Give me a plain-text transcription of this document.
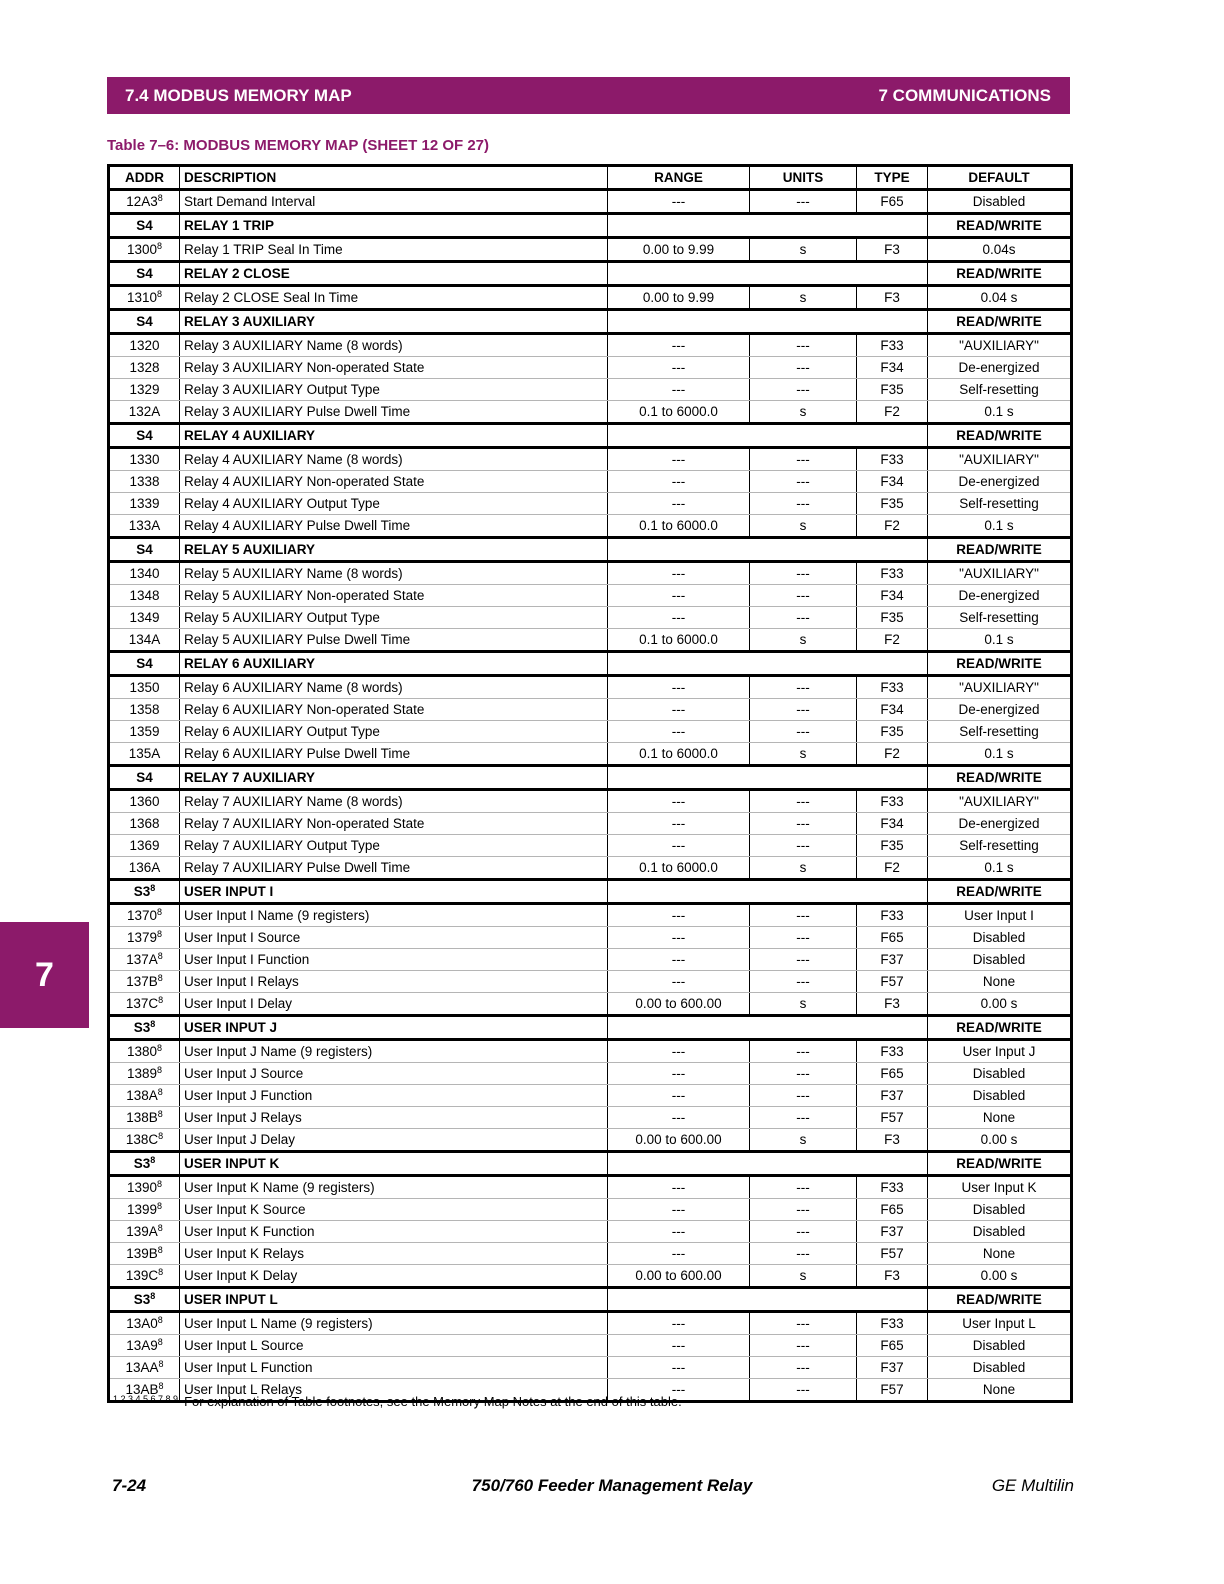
7.4 MODBUS MEMORY MAP	7 COMMUNICATIONS
Table 7–6: MODBUS MEMORY MAP (SHEET 12 OF 27)
ADDR	DESCRIPTION	RANGE	UNITS	TYPE	DEFAULT
$12A3^8$	Start Demand Interval	---	---	F65	Disabled
S4	RELAY 1 TRIP				READ/WRITE
1300$^8$	Relay 1 TRIP Seal In Time	0.00 to 9.99	s	F3	0.04s
S4	RELAY 2 CLOSE				READ/WRITE
1310$^8$	Relay 2 CLOSE Seal In Time	0.00 to 9.99	s	F3	0.04 s
S4	RELAY 3 AUXILIARY				READ/WRITE
1320	Relay 3 AUXILIARY Name (8 words)	---	---	F33	"AUXILIARY"
1328	Relay 3 AUXILIARY Non-operated State	---	---	F34	De-energized
1329	Relay 3 AUXILIARY Output Type	---	---	F35	Self-resetting
132A	Relay 3 AUXILIARY Pulse Dwell Time	0.1 to 6000.0	s	F2	0.1 s
S4	RELAY 4 AUXILIARY				READ/WRITE
1330	Relay 4 AUXILIARY Name (8 words)	---	---	F33	"AUXILIARY"
1338	Relay 4 AUXILIARY Non-operated State	---	---	F34	De-energized
1339	Relay 4 AUXILIARY Output Type	---	---	F35	Self-resetting
133A	Relay 4 AUXILIARY Pulse Dwell Time	0.1 to 6000.0	s	F2	0.1 s
S4	RELAY 5 AUXILIARY				READ/WRITE
1340	Relay 5 AUXILIARY Name (8 words)	---	---	F33	"AUXILIARY"
1348	Relay 5 AUXILIARY Non-operated State	---	---	F34	De-energized
1349	Relay 5 AUXILIARY Output Type	---	---	F35	Self-resetting
134A	Relay 5 AUXILIARY Pulse Dwell Time	0.1 to 6000.0	s	F2	0.1 s
S4	RELAY 6 AUXILIARY				READ/WRITE
1350	Relay 6 AUXILIARY Name (8 words)	---	---	F33	"AUXILIARY"
1358	Relay 6 AUXILIARY Non-operated State	---	---	F34	De-energized
1359	Relay 6 AUXILIARY Output Type	---	---	F35	Self-resetting
135A	Relay 6 AUXILIARY Pulse Dwell Time	0.1 to 6000.0	s	F2	0.1 s
S4	RELAY 7 AUXILIARY				READ/WRITE
1360	Relay 7 AUXILIARY Name (8 words)	---	---	F33	"AUXILIARY"
1368	Relay 7 AUXILIARY Non-operated State	---	---	F34	De-energized
1369	Relay 7 AUXILIARY Output Type	---	---	F35	Self-resetting
136A	Relay 7 AUXILIARY Pulse Dwell Time	0.1 to 6000.0	s	F2	0.1 s
$S3^8$	USER INPUT I				READ/WRITE
1370$^8$	User Input I Name (9 registers)	---	---	F33	User Input I
1379$^8$	User Input I Source	---	---	F65	Disabled
$137A^8$	User Input I Function	---	---	F37	Disabled
$137B^8$	User Input I Relays	---	---	F57	None
$137C^8$	User Input I Delay	0.00 to 600.00	s	F3	0.00 s
$S3^8$	USER INPUT J				READ/WRITE
1380$^8$	User Input J Name (9 registers)	---	---	F33	User Input J
1389$^8$	User Input J Source	---	---	F65	Disabled
$138A^8$	User Input J Function	---	---	F37	Disabled
$138B^8$	User Input J Relays	---	---	F57	None
$138C^8$	User Input J Delay	0.00 to 600.00	s	F3	0.00 s
$S3^8$	USER INPUT K				READ/WRITE
1390$^8$	User Input K Name (9 registers)	---	---	F33	User Input K
1399$^8$	User Input K Source	---	---	F65	Disabled
$139A^8$	User Input K Function	---	---	F37	Disabled
$139B^8$	User Input K Relays	---	---	F57	None
$139C^8$	User Input K Delay	0.00 to 600.00	s	F3	0.00 s
$S3^8$	USER INPUT L				READ/WRITE
$13A0^8$	User Input L Name (9 registers)	---	---	F33	User Input L
$13A9^8$	User Input L Source	---	---	F65	Disabled
$13AA^8$	User Input L Function	---	---	F37	Disabled
$13AB^8$	User Input L Relays	---	---	F57	None
$^{1 2 3 4 5 6 7 8 9}$ For explanation of Table footnotes, see the Memory Map Notes at the end of this table.
7
7-24	750/760 Feeder Management Relay	GE Multilin
